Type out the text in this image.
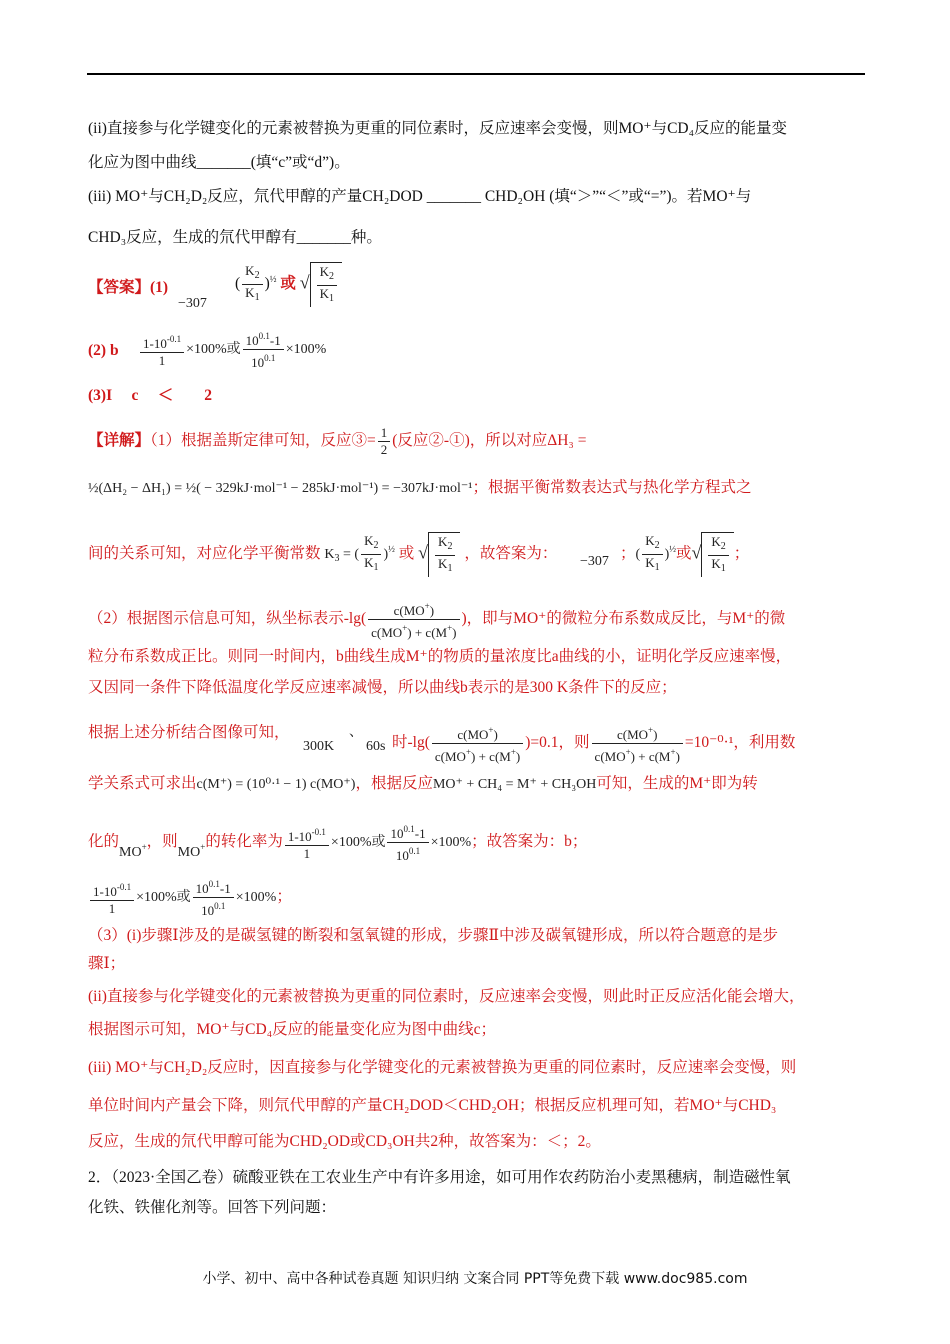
(ii)直接参与化学键变化的元素被替换为更重的同位素时，反应速率会变慢，则MO⁺与CD₄反应的能量变
化应为图中曲线_______(填“c”或“d”)。
(iii) MO⁺与CH₂D₂反应，氘代甲醇的产量CH₂DOD _______ CHD₂OH (填“＞”“＜”或“=”)。若MO⁺与
CHD₃反应，生成的氘代甲醇有_______种。
【答案】(1)
−307
( $\frac{K_2}{K_1} )^{\frac{1}{2}}$ 或 √ $\frac{K_2}{K_1}$
(2) b $\frac{1-10^{-0.1}}{1} \times 100\%$或 $\frac{10^{0.1}-1}{10^{0.1}} \times 100\%$
(3)I     c     ＜        2
【详解】（1）根据盖斯定律可知，反应③= $\frac{1}{2}$ (反应②-①)，所以对应ΔH₃ =
½(ΔH₂ − ΔH₁) = ½( − 329kJ·mol⁻¹ − 285kJ·mol⁻¹) = −307kJ·mol⁻¹；根据平衡常数表达式与热化学方程式之
间的关系可知，对应化学平衡常数 $K_3$ = ( $\frac{K_2}{K_1} )^{\frac{1}{2}}$ 或 √ $\frac{K_2}{K_1}$ ，故答案为： −307 ；( $\frac{K_2}{K_1} )^{\frac{1}{2}}$或√ $\frac{K_2}{K_1}$ ；
（2）根据图示信息可知，纵坐标表示$-\lg( \frac{c(MO^+)}{c(MO^+) + c(M^+)}$ )，即与MO⁺的微粒分布系数成反比，与M⁺的微
粒分布系数成正比。则同一时间内，b曲线生成M⁺的物质的量浓度比a曲线的小，证明化学反应速率慢，
又因同一条件下降低温度化学反应速率减慢，所以曲线b表示的是300 K条件下的反应；
根据上述分析结合图像可知，
300K
、
60s 时$-\lg( \frac{c(MO^+)}{c(MO^+) + c(M^+)} )=0.1$，则 $\frac{c(MO^+)}{c(MO^+) + c(M^+)} =10^{-0}\cdot^1$，利用数
学关系式可求出c(M⁺) = (10⁰·¹ − 1) c(MO⁺)，根据反应MO⁺ + CH₄ = M⁺ + CH₃OH可知，生成的M⁺即为转
化的MO+，则MO+的转化率为 $\frac{1-10^{-0.1}}{1} \times 100\%$或 $\frac{10^{0.1}-1}{10^{0.1}} \times 100\%$；故答案为：b；
$\frac{1-10^{-0.1}}{1} \times 100\%$或 $\frac{10^{0.1}-1}{10^{0.1}} \times 100\%$；
（3）(i)步骤Ⅰ涉及的是碳氢键的断裂和氢氧键的形成，步骤Ⅱ中涉及碳氧键形成，所以符合题意的是步
骤Ⅰ；
(ii)直接参与化学键变化的元素被替换为更重的同位素时，反应速率会变慢，则此时正反应活化能会增大，
根据图示可知，MO⁺与CD₄反应的能量变化应为图中曲线c；
(iii) MO⁺与CH₂D₂反应时，因直接参与化学键变化的元素被替换为更重的同位素时，反应速率会变慢，则
单位时间内产量会下降，则氘代甲醇的产量CH₂DOD＜CHD₂OH；根据反应机理可知，若MO⁺与CHD₃
反应，生成的氘代甲醇可能为CHD₂OD或CD₃OH共2种，故答案为：＜；2。
2．（2023·全国乙卷）硫酸亚铁在工农业生产中有许多用途，如可用作农药防治小麦黑穗病，制造磁性氧
化铁、铁催化剂等。回答下列问题：
小学、初中、高中各种试卷真题 知识归纳 文案合同 PPT等免费下载 www.doc985.com
